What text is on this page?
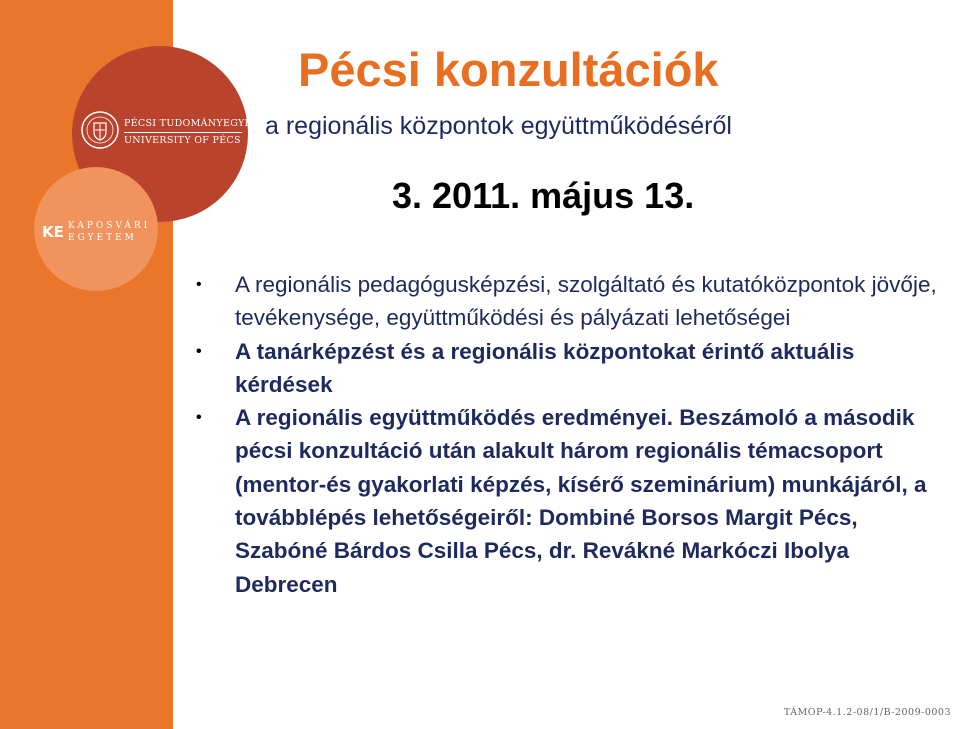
PÉCSI TUDOMÁNYEGYETEM
UNIVERSITY OF PÉCS
KE KAPOSVÁRI
EGYETEM
Pécsi konzultációk
a regionális központok együttműködéséről
3. 2011. május 13.
• A regionális pedagógusképzési, szolgáltató és kutatóközpontok jövője, tevékenysége, együttműködési és pályázati lehetőségei
• A tanárképzést és a regionális központokat érintő aktuális kérdések
• A regionális együttműködés eredményei. Beszámoló a második pécsi konzultáció után alakult három regionális témacsoport (mentor-és gyakorlati képzés, kísérő szeminárium) munkájáról, a továbblépés lehetőségeiről: Dombiné Borsos Margit Pécs, Szabóné Bárdos Csilla Pécs, dr. Revákné Markóczi Ibolya Debrecen
TÁMOP-4.1.2-08/1/B-2009-0003
